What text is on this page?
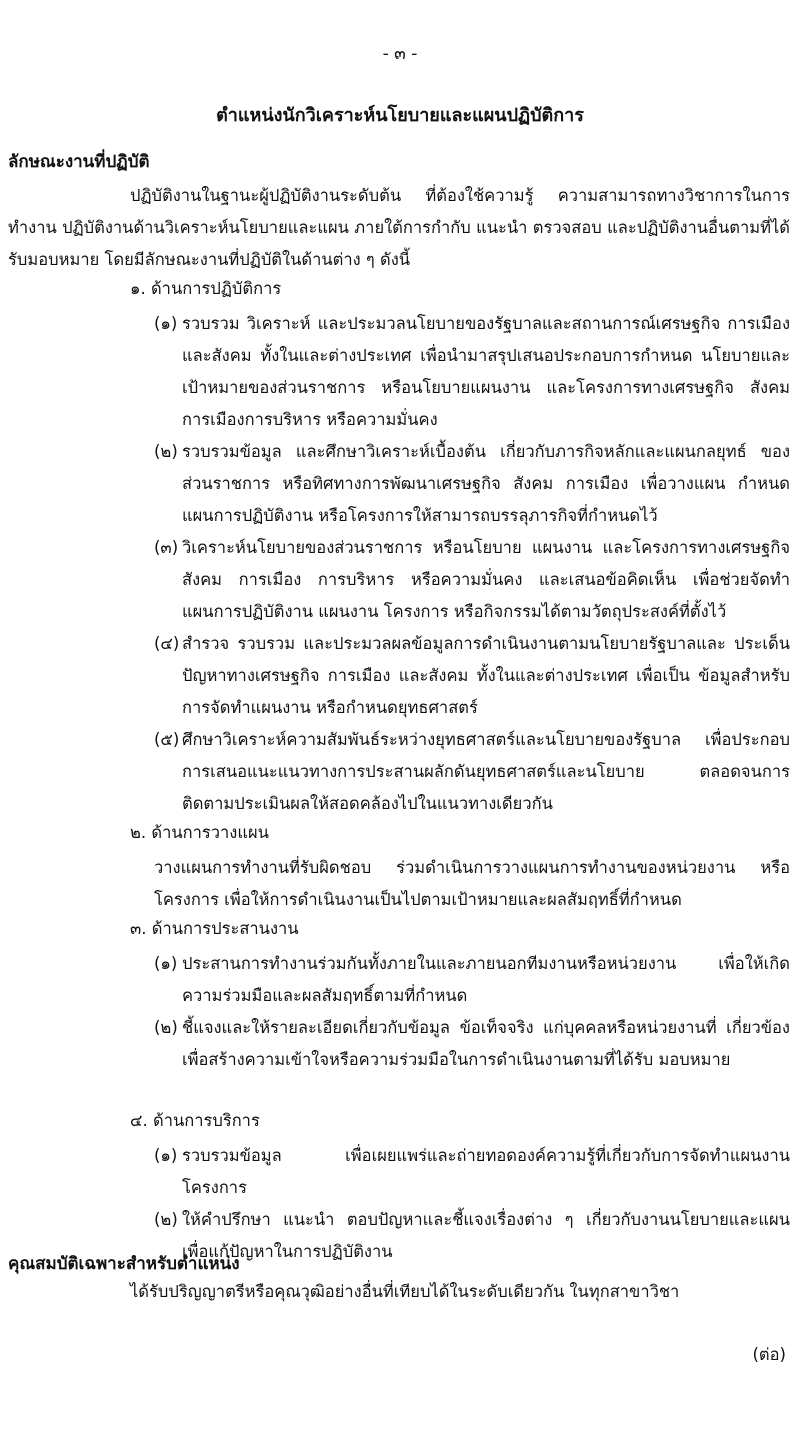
- ๓ -
ตำแหน่งนักวิเคราะห์นโยบายและแผนปฏิบัติการ
ลักษณะงานที่ปฏิบัติ
ปฏิบัติงานในฐานะผู้ปฏิบัติงานระดับต้น ที่ต้องใช้ความรู้ ความสามารถทางวิชาการในการทำงาน ปฏิบัติงานด้านวิเคราะห์นโยบายและแผน ภายใต้การกำกับ แนะนำ ตรวจสอบ และปฏิบัติงานอื่นตามที่ได้รับมอบหมาย โดยมีลักษณะงานที่ปฏิบัติในด้านต่าง ๆ ดังนี้
๑. ด้านการปฏิบัติการ
(๑) รวบรวม วิเคราะห์ และประมวลนโยบายของรัฐบาลและสถานการณ์เศรษฐกิจ การเมือง และสังคม ทั้งในและต่างประเทศ เพื่อนำมาสรุปเสนอประกอบการกำหนด นโยบายและเป้าหมายของส่วนราชการ หรือนโยบายแผนงาน และโครงการทางเศรษฐกิจ สังคม การเมืองการบริหาร หรือความมั่นคง
(๒) รวบรวมข้อมูล และศึกษาวิเคราะห์เบื้องต้น เกี่ยวกับภารกิจหลักและแผนกลยุทธ์ ของส่วนราชการ หรือทิศทางการพัฒนาเศรษฐกิจ สังคม การเมือง เพื่อวางแผน กำหนดแผนการปฏิบัติงาน หรือโครงการให้สามารถบรรลุภารกิจที่กำหนดไว้
(๓) วิเคราะห์นโยบายของส่วนราชการ หรือนโยบาย แผนงาน และโครงการทางเศรษฐกิจ สังคม การเมือง การบริหาร หรือความมั่นคง และเสนอข้อคิดเห็น เพื่อช่วยจัดทำ แผนการปฏิบัติงาน แผนงาน โครงการ หรือกิจกรรมได้ตามวัตถุประสงค์ที่ตั้งไว้
(๔) สำรวจ รวบรวม และประมวลผลข้อมูลการดำเนินงานตามนโยบายรัฐบาลและ ประเด็นปัญหาทางเศรษฐกิจ การเมือง และสังคม ทั้งในและต่างประเทศ เพื่อเป็น ข้อมูลสำหรับการจัดทำแผนงาน หรือกำหนดยุทธศาสตร์
(๕) ศึกษาวิเคราะห์ความสัมพันธ์ระหว่างยุทธศาสตร์และนโยบายของรัฐบาล เพื่อประกอบการเสนอแนะแนวทางการประสานผลักดันยุทธศาสตร์และนโยบาย ตลอดจนการติดตามประเมินผลให้สอดคล้องไปในแนวทางเดียวกัน
๒. ด้านการวางแผน
วางแผนการทำงานที่รับผิดชอบ ร่วมดำเนินการวางแผนการทำงานของหน่วยงาน หรือโครงการ เพื่อให้การดำเนินงานเป็นไปตามเป้าหมายและผลสัมฤทธิ์ที่กำหนด
๓. ด้านการประสานงาน
(๑) ประสานการทำงานร่วมกันทั้งภายในและภายนอกทีมงานหรือหน่วยงาน เพื่อให้เกิด ความร่วมมือและผลสัมฤทธิ์ตามที่กำหนด
(๒) ชี้แจงและให้รายละเอียดเกี่ยวกับข้อมูล ข้อเท็จจริง แก่บุคคลหรือหน่วยงานที่ เกี่ยวข้อง เพื่อสร้างความเข้าใจหรือความร่วมมือในการดำเนินงานตามที่ได้รับ มอบหมาย
๔. ด้านการบริการ
(๑) รวบรวมข้อมูล เพื่อเผยแพร่และถ่ายทอดองค์ความรู้ที่เกี่ยวกับการจัดทำแผนงาน โครงการ
(๒) ให้คำปรึกษา แนะนำ ตอบปัญหาและชี้แจงเรื่องต่าง ๆ เกี่ยวกับงานนโยบายและแผน เพื่อแก้ปัญหาในการปฏิบัติงาน
คุณสมบัติเฉพาะสำหรับตำแหน่ง
ได้รับปริญญาตรีหรือคุณวุฒิอย่างอื่นที่เทียบได้ในระดับเดียวกัน ในทุกสาขาวิชา
(ต่อ)
